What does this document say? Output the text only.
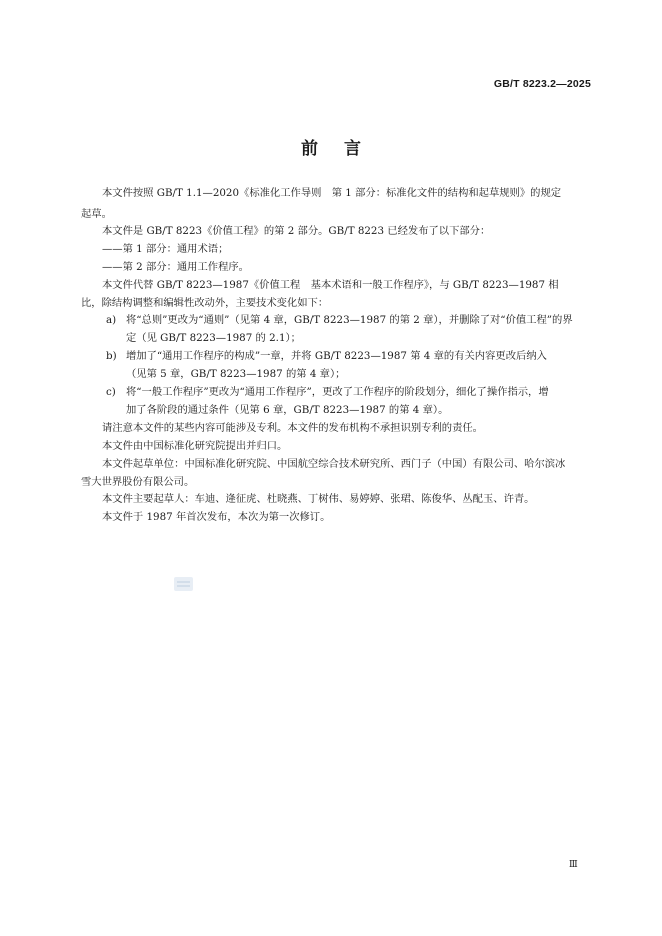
GB/T 8223.2—2025
前言
本文件按照 GB/T 1.1—2020《标准化工作导则　第 1 部分：标准化文件的结构和起草规则》的规定
起草。
本文件是 GB/T 8223《价值工程》的第 2 部分。GB/T 8223 已经发布了以下部分：
——第 1 部分：通用术语；
——第 2 部分：通用工作程序。
本文件代替 GB/T 8223—1987《价值工程　基本术语和一般工作程序》，与 GB/T 8223—1987 相
比，除结构调整和编辑性改动外，主要技术变化如下：
a) 将“总则”更改为“通则”（见第 4 章，GB/T 8223—1987 的第 2 章），并删除了对“价值工程”的界
定（见 GB/T 8223—1987 的 2.1）；
b) 增加了“通用工作程序的构成”一章，并将 GB/T 8223—1987 第 4 章的有关内容更改后纳入
（见第 5 章，GB/T 8223—1987 的第 4 章）；
c) 将“一般工作程序”更改为“通用工作程序”，更改了工作程序的阶段划分，细化了操作指示，增
加了各阶段的通过条件（见第 6 章，GB/T 8223—1987 的第 4 章）。
请注意本文件的某些内容可能涉及专利。本文件的发布机构不承担识别专利的责任。
本文件由中国标准化研究院提出并归口。
本文件起草单位：中国标准化研究院、中国航空综合技术研究所、西门子（中国）有限公司、哈尔滨冰
雪大世界股份有限公司。
本文件主要起草人：车迪、逄征虎、杜晓燕、丁树伟、易婷婷、张珺、陈俊华、丛配玉、许青。
本文件于 1987 年首次发布，本次为第一次修订。
Ⅲ
